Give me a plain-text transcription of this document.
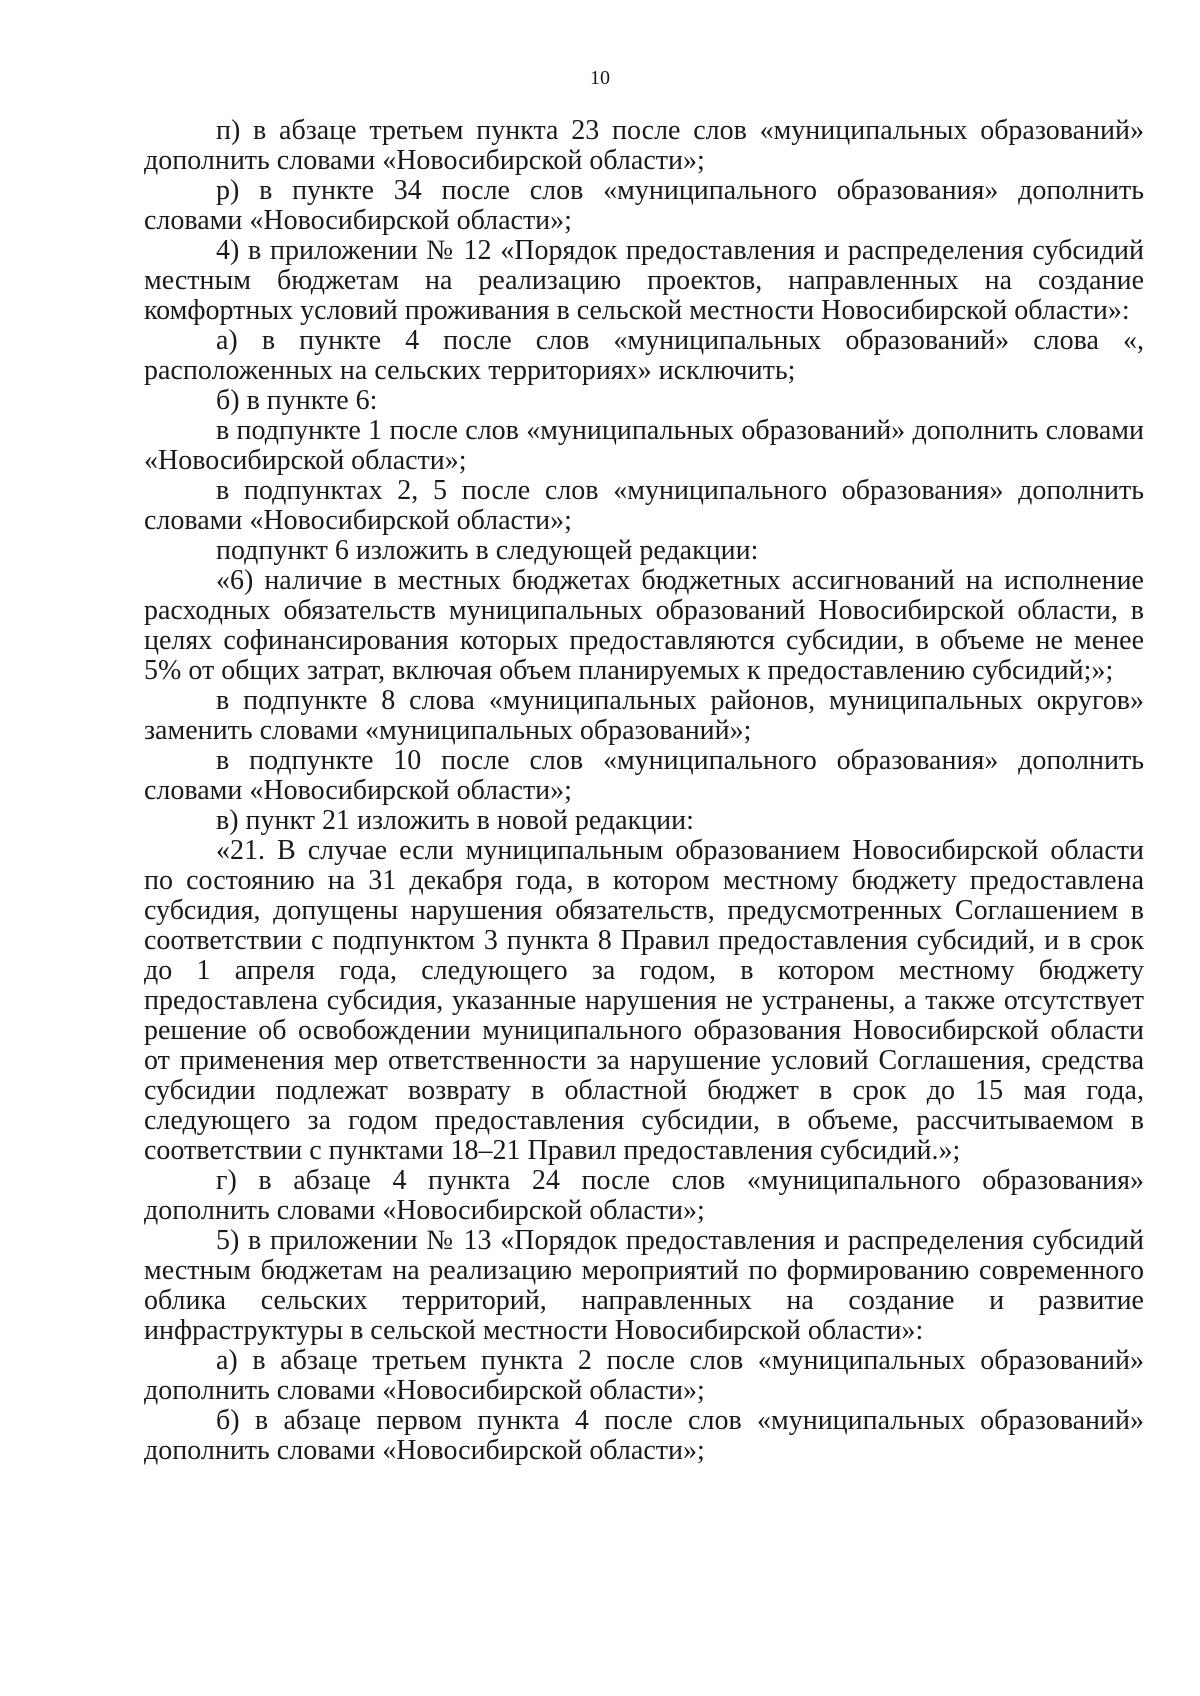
10

п) в абзаце третьем пункта 23 после слов «муниципальных образований» дополнить словами «Новосибирской области»;

р) в пункте 34 после слов «муниципального образования» дополнить словами «Новосибирской области»;

4) в приложении № 12 «Порядок предоставления и распределения субсидий местным бюджетам на реализацию проектов, направленных на создание комфортных условий проживания в сельской местности Новосибирской области»:

а) в пункте 4 после слов «муниципальных образований» слова «, расположенных на сельских территориях» исключить;

б) в пункте 6:

в подпункте 1 после слов «муниципальных образований» дополнить словами «Новосибирской области»;

в подпунктах 2, 5 после слов «муниципального образования» дополнить словами «Новосибирской области»;

подпункт 6 изложить в следующей редакции:

«6) наличие в местных бюджетах бюджетных ассигнований на исполнение расходных обязательств муниципальных образований Новосибирской области, в целях софинансирования которых предоставляются субсидии, в объеме не менее 5% от общих затрат, включая объем планируемых к предоставлению субсидий;»;

в подпункте 8 слова «муниципальных районов, муниципальных округов» заменить словами «муниципальных образований»;

в подпункте 10 после слов «муниципального образования» дополнить словами «Новосибирской области»;

в) пункт 21 изложить в новой редакции:

«21. В случае если муниципальным образованием Новосибирской области по состоянию на 31 декабря года, в котором местному бюджету предоставлена субсидия, допущены нарушения обязательств, предусмотренных Соглашением в соответствии с подпунктом 3 пункта 8 Правил предоставления субсидий, и в срок до 1 апреля года, следующего за годом, в котором местному бюджету предоставлена субсидия, указанные нарушения не устранены, а также отсутствует решение об освобождении муниципального образования Новосибирской области от применения мер ответственности за нарушение условий Соглашения, средства субсидии подлежат возврату в областной бюджет в срок до 15 мая года, следующего за годом предоставления субсидии, в объеме, рассчитываемом в соответствии с пунктами 18–21 Правил предоставления субсидий.»;

г) в абзаце 4 пункта 24 после слов «муниципального образования» дополнить словами «Новосибирской области»;

5) в приложении № 13 «Порядок предоставления и распределения субсидий местным бюджетам на реализацию мероприятий по формированию современного облика сельских территорий, направленных на создание и развитие инфраструктуры в сельской местности Новосибирской области»:

а) в абзаце третьем пункта 2 после слов «муниципальных образований» дополнить словами «Новосибирской области»;

б) в абзаце первом пункта 4 после слов «муниципальных образований» дополнить словами «Новосибирской области»;
